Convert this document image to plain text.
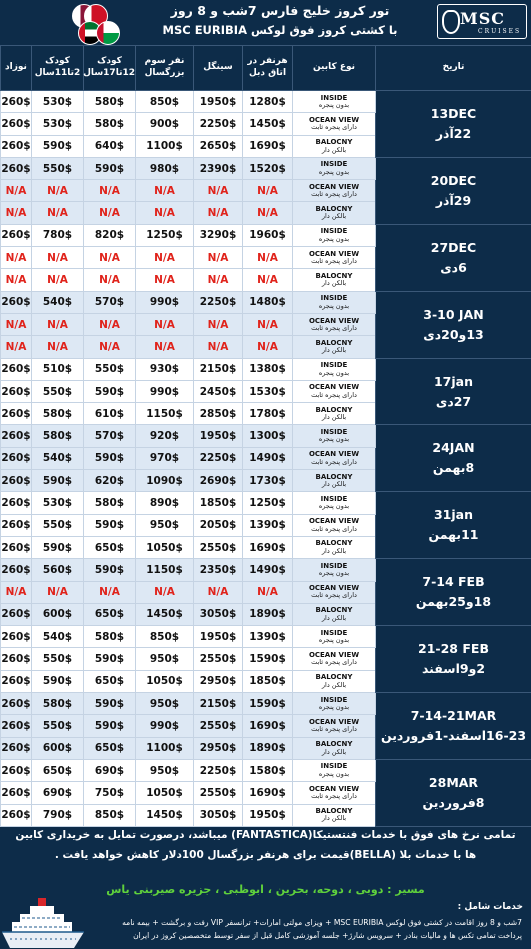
MSC
CRUISES
تور کروز خلیج فارس 7شب و 8 روز
با کشتی کروز فوق لوکس MSC EURIBIA
نوزاد	کودک 2تا11سال	کودک 12تا17سال	نفر سوم بزرگسال	سینگل	هرنفر در اتاق دبل	نوع کابین	تاریخ
260$	530$	580$	850$	1950$	1280$	INSIDE
بدون پنجره	13DEC
22آذر

260$	530$	580$	900$	2250$	1450$	OCEAN VIEW
دارای پنجره ثابت	

260$	590$	640$	1100$	2650$	1690$	BALOCNY
بالکن دار	

260$	550$	590$	980$	2390$	1520$	INSIDE
بدون پنجره	20DEC
29آذر

N/A	N/A	N/A	N/A	N/A	N/A	OCEAN VIEW
دارای پنجره ثابت	

N/A	N/A	N/A	N/A	N/A	N/A	BALOCNY
بالکن دار	

260$	780$	820$	1250$	3290$	1960$	INSIDE
بدون پنجره	27DEC
6دی

N/A	N/A	N/A	N/A	N/A	N/A	OCEAN VIEW
دارای پنجره ثابت	

N/A	N/A	N/A	N/A	N/A	N/A	BALOCNY
بالکن دار	

260$	540$	570$	990$	2250$	1480$	INSIDE
بدون پنجره	3-10 JAN
13و20دی

N/A	N/A	N/A	N/A	N/A	N/A	OCEAN VIEW
دارای پنجره ثابت	

N/A	N/A	N/A	N/A	N/A	N/A	BALOCNY
بالکن دار	

260$	510$	550$	930$	2150$	1380$	INSIDE
بدون پنجره	17jan
27دی

260$	550$	590$	990$	2450$	1530$	OCEAN VIEW
دارای پنجره ثابت	

260$	580$	610$	1150$	2850$	1780$	BALOCNY
بالکن دار	

260$	580$	570$	920$	1950$	1300$	INSIDE
بدون پنجره	24JAN
8بهمن

260$	540$	590$	970$	2250$	1490$	OCEAN VIEW
دارای پنجره ثابت	

260$	590$	620$	1090$	2690$	1730$	BALOCNY
بالکن دار	

260$	530$	580$	890$	1850$	1250$	INSIDE
بدون پنجره	31jan
11بهمن

260$	550$	590$	950$	2050$	1390$	OCEAN VIEW
دارای پنجره ثابت	

260$	590$	650$	1050$	2550$	1690$	BALOCNY
بالکن دار	

260$	560$	590$	1150$	2350$	1490$	INSIDE
بدون پنجره	7-14 FEB
18و25بهمن

N/A	N/A	N/A	N/A	N/A	N/A	OCEAN VIEW
دارای پنجره ثابت	

260$	600$	650$	1450$	3050$	1890$	BALOCNY
بالکن دار	

260$	540$	580$	850$	1950$	1390$	INSIDE
بدون پنجره	21-28 FEB
2و9اسفند

260$	550$	590$	950$	2550$	1590$	OCEAN VIEW
دارای پنجره ثابت	

260$	590$	650$	1050$	2950$	1850$	BALOCNY
بالکن دار	

260$	580$	590$	950$	2150$	1590$	INSIDE
بدون پنجره	7-14-21MAR
16-23اسفند-1فروردین

260$	550$	590$	990$	2550$	1690$	OCEAN VIEW
دارای پنجره ثابت	

260$	600$	650$	1100$	2950$	1890$	BALOCNY
بالکن دار	

260$	650$	690$	950$	2250$	1580$	INSIDE
بدون پنجره	28MAR
8فروردین

260$	690$	750$	1050$	2550$	1690$	OCEAN VIEW
دارای پنجره ثابت	

260$	790$	850$	1450$	3050$	1950$	BALOCNY
بالکن دار	
تمامی نرخ های فوق با خدمات فنتستیکا(FANTASTICA) میباشد، درصورت تمایل به خریداری کابین ها با خدمات بلا (BELLA)قیمت برای هرنفر بزرگسال 100دلار کاهش خواهد یافت .
مسیر : دوبی ، دوحه، بحرین ، ابوظبی ، جزیره صیربنی یاس
خدمات شامل :
7شب و 8 روز اقامت در کشتی فوق لوکس MSC EURIBIA + ویزای مولتی امارات+ ترانسفر VIP رفت و برگشت + بیمه نامه
پرداخت تمامی تکس ها و مالیات بنادر + سرویس شارژ+ جلسه آموزشی کامل قبل از سفر توسط متخصصین کروز در ایران
